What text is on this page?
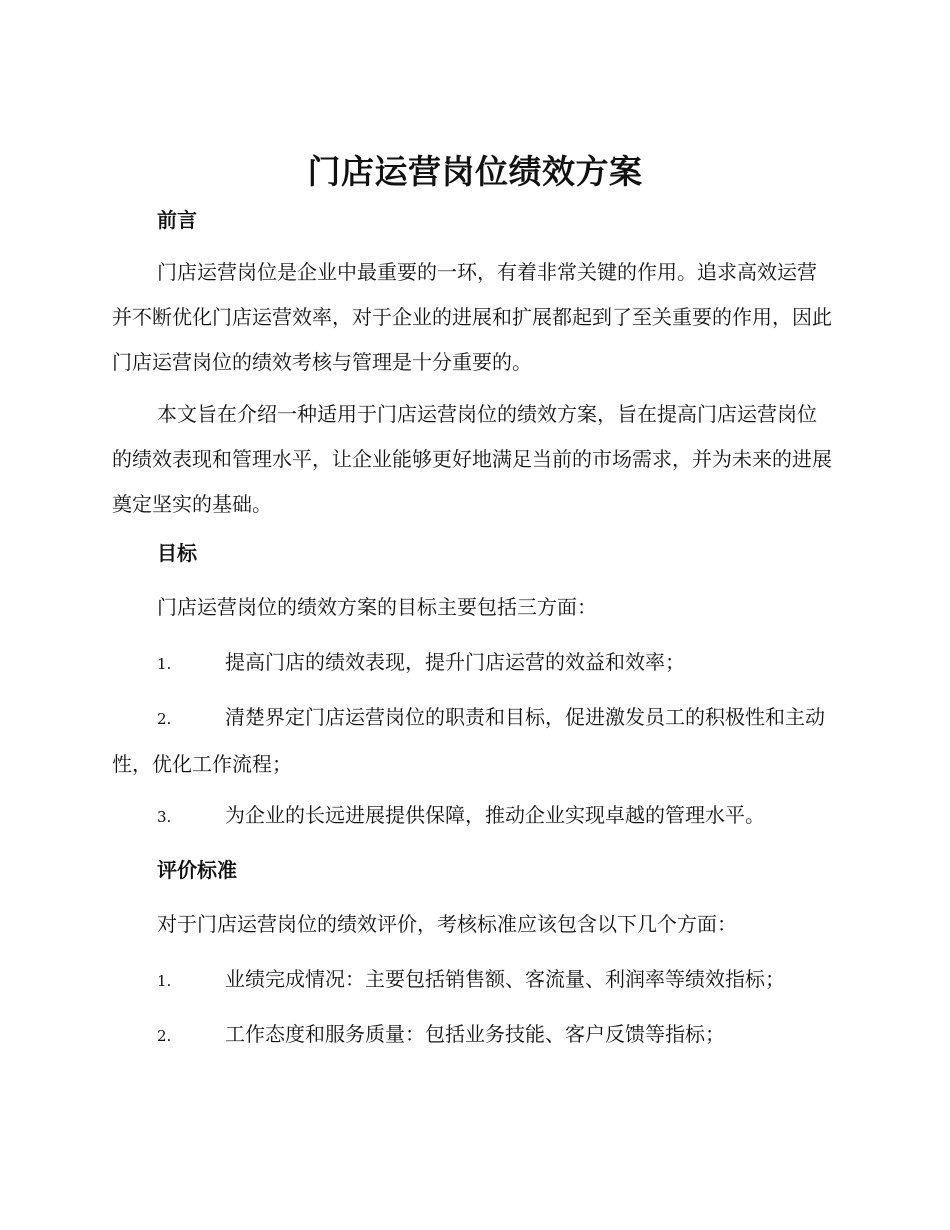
门店运营岗位绩效方案
前言

门店运营岗位是企业中最重要的一环，有着非常关键的作用。追求高效运营并不断优化门店运营效率，对于企业的进展和扩展都起到了至关重要的作用，因此门店运营岗位的绩效考核与管理是十分重要的。

本文旨在介绍一种适用于门店运营岗位的绩效方案，旨在提高门店运营岗位的绩效表现和管理水平，让企业能够更好地满足当前的市场需求，并为未来的进展奠定坚实的基础。

目标
门店运营岗位的绩效方案的目标主要包括三方面：

1.	提高门店的绩效表现，提升门店运营的效益和效率；

2.	清楚界定门店运营岗位的职责和目标，促进激发员工的积极性和主动性，优化工作流程；

3.	为企业的长远进展提供保障，推动企业实现卓越的管理水平。

评价标准
对于门店运营岗位的绩效评价，考核标准应该包含以下几个方面：

1.	业绩完成情况：主要包括销售额、客流量、利润率等绩效指标；

2.	工作态度和服务质量：包括业务技能、客户反馈等指标；
